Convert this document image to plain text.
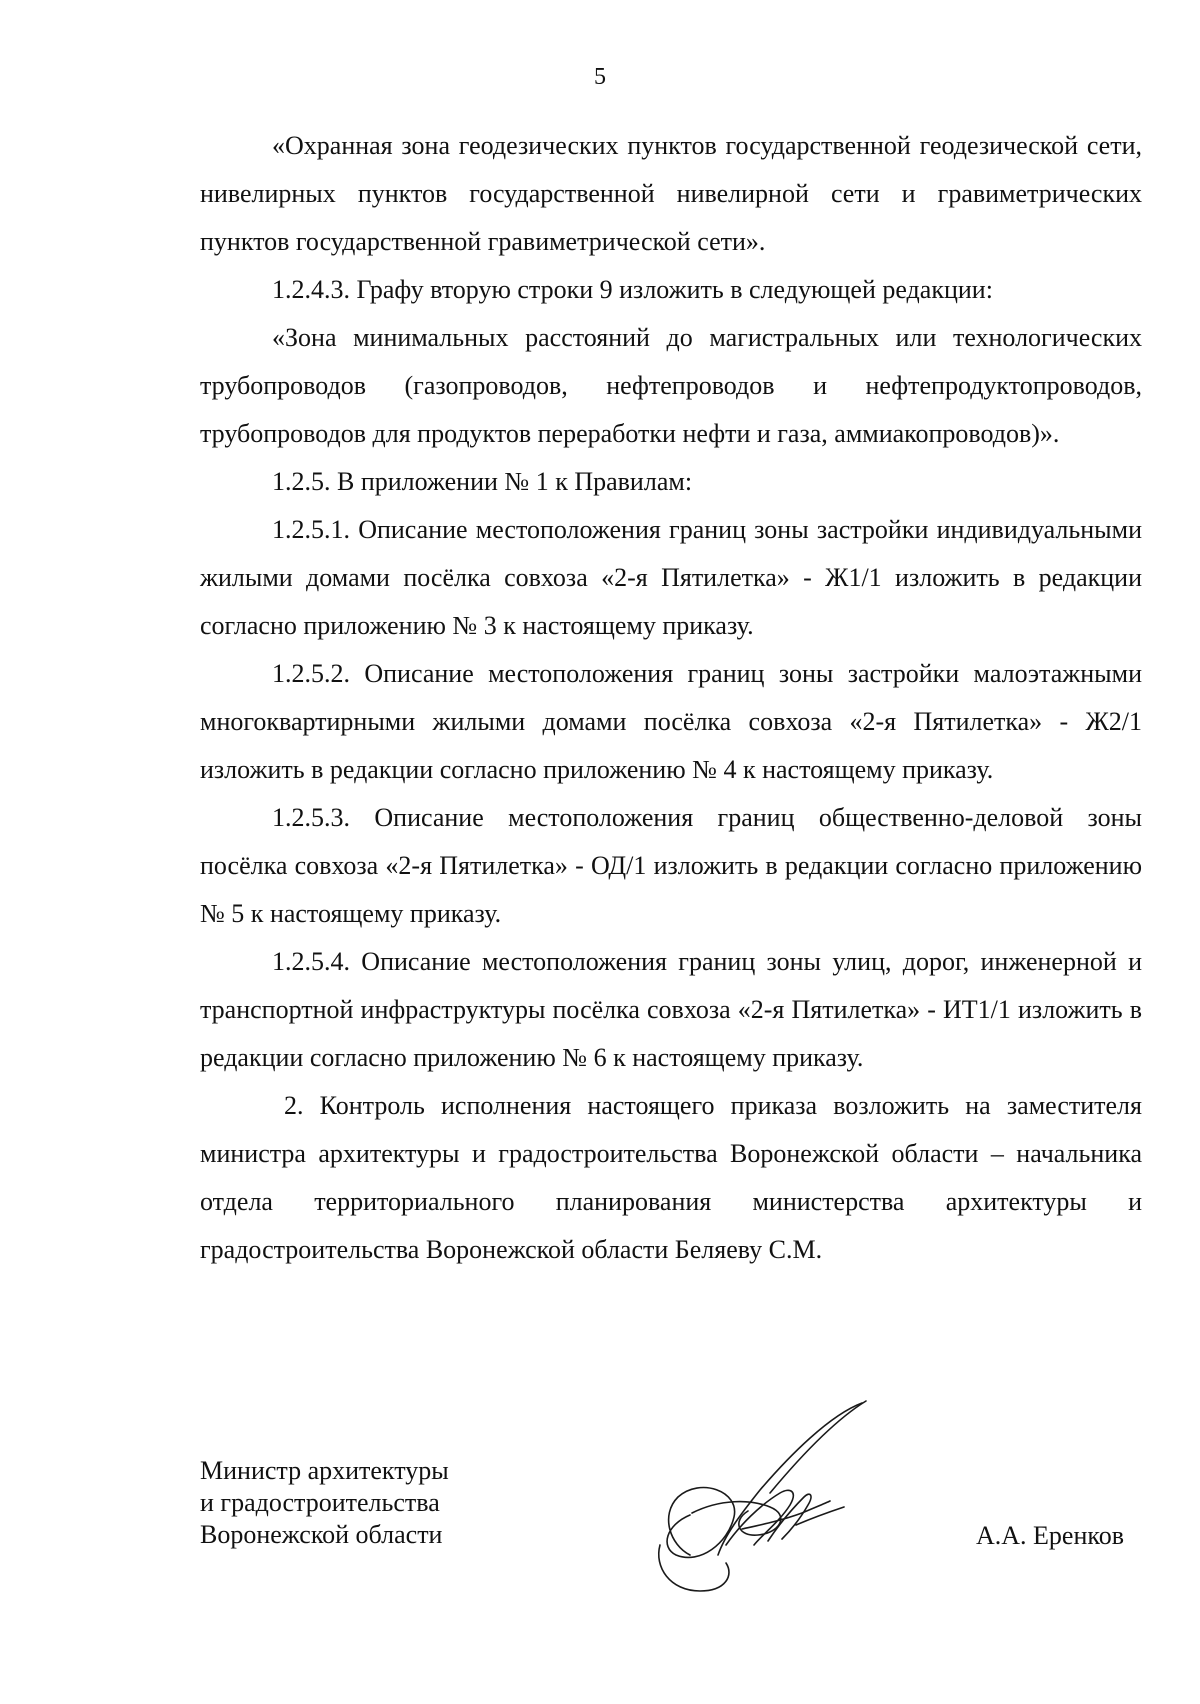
5

«Охранная зона геодезических пунктов государственной геодезической сети, нивелирных пунктов государственной нивелирной сети и гравиметрических пунктов государственной гравиметрической сети».

1.2.4.3. Графу вторую строки 9 изложить в следующей редакции:

«Зона минимальных расстояний до магистральных или технологических трубопроводов (газопроводов, нефтепроводов и нефтепродуктопроводов, трубопроводов для продуктов переработки нефти и газа, аммиакопроводов)».

1.2.5. В приложении № 1 к Правилам:

1.2.5.1. Описание местоположения границ зоны застройки индивидуальными жилыми домами посёлка совхоза «2-я Пятилетка» - Ж1/1 изложить в редакции согласно приложению № 3 к настоящему приказу.

1.2.5.2. Описание местоположения границ зоны застройки малоэтажными многоквартирными жилыми домами посёлка совхоза «2-я Пятилетка» - Ж2/1 изложить в редакции согласно приложению № 4 к настоящему приказу.

1.2.5.3. Описание местоположения границ общественно-деловой зоны посёлка совхоза «2-я Пятилетка» - ОД/1 изложить в редакции согласно приложению № 5 к настоящему приказу.

1.2.5.4. Описание местоположения границ зоны улиц, дорог, инженерной и транспортной инфраструктуры посёлка совхоза «2-я Пятилетка» - ИТ1/1 изложить в редакции согласно приложению № 6 к настоящему приказу.

2. Контроль исполнения настоящего приказа возложить на заместителя министра архитектуры и градостроительства Воронежской области – начальника отдела территориального планирования министерства архитектуры и градостроительства Воронежской области Беляеву С.М.

Министр архитектуры
и градостроительства
Воронежской области	А.А. Еренков
